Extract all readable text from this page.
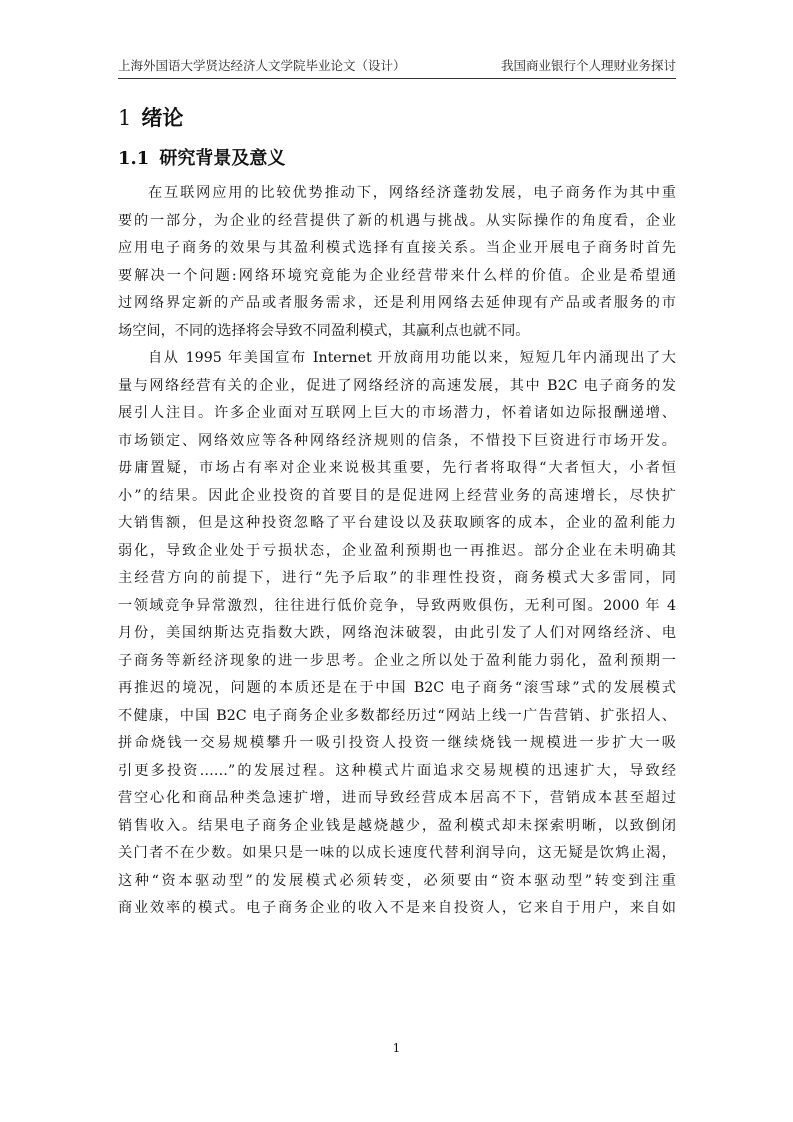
上海外国语大学贤达经济人文学院毕业论文（设计）	我国商业银行个人理财业务探讨
1 绪论
1.1 研究背景及意义
在互联网应用的比较优势推动下，网络经济蓬勃发展，电子商务作为其中重
要的一部分，为企业的经营提供了新的机遇与挑战。从实际操作的角度看，企业
应用电子商务的效果与其盈利模式选择有直接关系。当企业开展电子商务时首先
要解决一个问题:网络环境究竟能为企业经营带来什么样的价值。企业是希望通
过网络界定新的产品或者服务需求，还是利用网络去延伸现有产品或者服务的市
场空间，不同的选择将会导致不同盈利模式，其赢利点也就不同。
自从 1995 年美国宣布 Internet 开放商用功能以来，短短几年内涌现出了大
量与网络经营有关的企业，促进了网络经济的高速发展，其中 B2C 电子商务的发
展引人注目。许多企业面对互联网上巨大的市场潜力，怀着诸如边际报酬递增、
市场锁定、网络效应等各种网络经济规则的信条，不惜投下巨资进行市场开发。
毋庸置疑，市场占有率对企业来说极其重要，先行者将取得“大者恒大，小者恒
小”的结果。因此企业投资的首要目的是促进网上经营业务的高速增长，尽快扩
大销售额，但是这种投资忽略了平台建设以及获取顾客的成本，企业的盈利能力
弱化，导致企业处于亏损状态，企业盈利预期也一再推迟。部分企业在未明确其
主经营方向的前提下，进行“先予后取”的非理性投资，商务模式大多雷同，同
一领域竞争异常激烈，往往进行低价竞争，导致两败俱伤，无利可图。2000 年 4
月份，美国纳斯达克指数大跌，网络泡沫破裂，由此引发了人们对网络经济、电
子商务等新经济现象的进一步思考。企业之所以处于盈利能力弱化，盈利预期一
再推迟的境况，问题的本质还是在于中国 B2C 电子商务“滚雪球”式的发展模式
不健康，中国 B2C 电子商务企业多数都经历过“网站上线一广告营销、扩张招人、
拼命烧钱一交易规模攀升一吸引投资人投资一继续烧钱一规模进一步扩大一吸
引更多投资……”的发展过程。这种模式片面追求交易规模的迅速扩大，导致经
营空心化和商品种类急速扩增，进而导致经营成本居高不下，营销成本甚至超过
销售收入。结果电子商务企业钱是越烧越少，盈利模式却未探索明晰，以致倒闭
关门者不在少数。如果只是一味的以成长速度代替利润导向，这无疑是饮鸩止渴，
这种“资本驱动型”的发展模式必须转变，必须要由“资本驱动型”转变到注重
商业效率的模式。电子商务企业的收入不是来自投资人，它来自于用户，来自如
1
